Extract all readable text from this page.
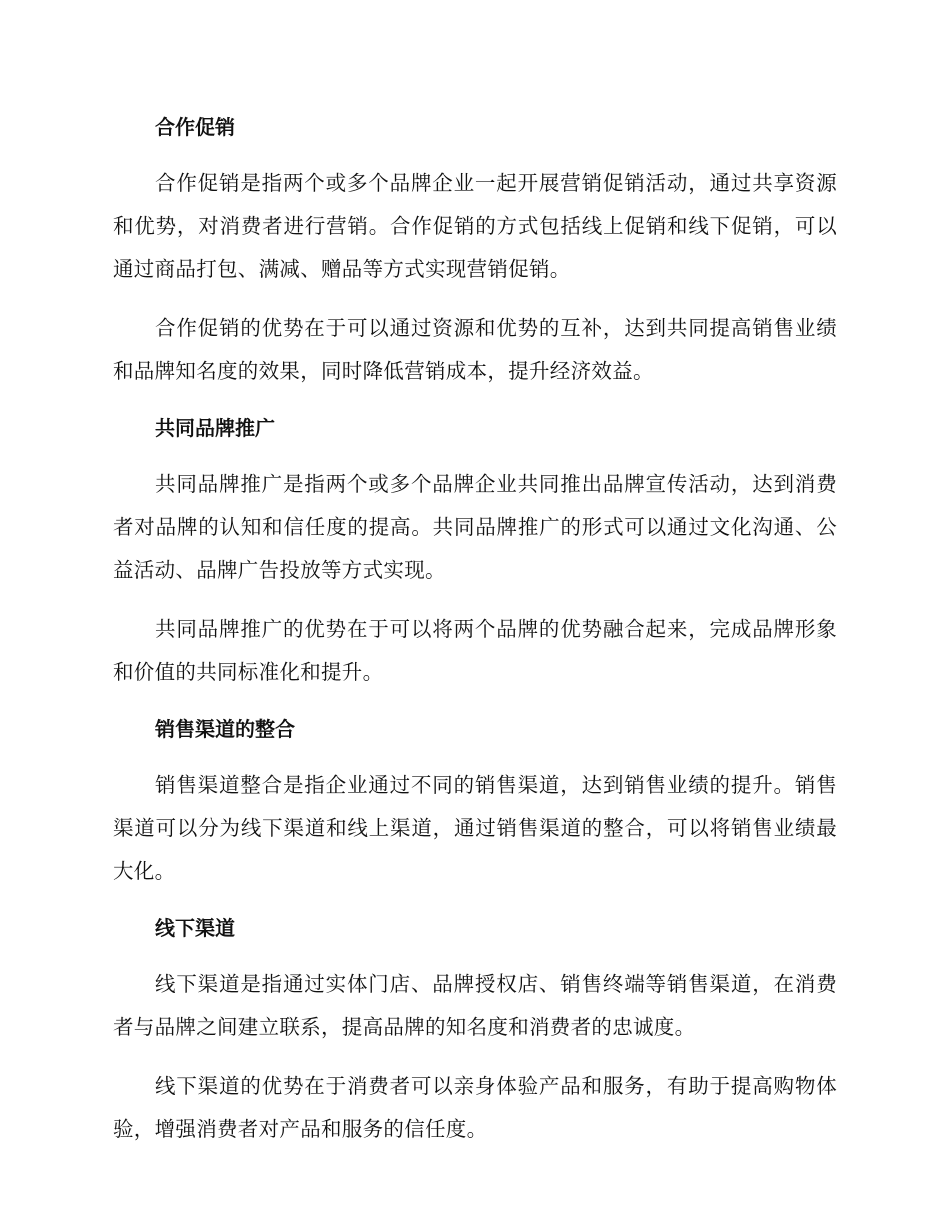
合作促销

合作促销是指两个或多个品牌企业一起开展营销促销活动，通过共享资源和优势，对消费者进行营销。合作促销的方式包括线上促销和线下促销，可以通过商品打包、满减、赠品等方式实现营销促销。

合作促销的优势在于可以通过资源和优势的互补，达到共同提高销售业绩和品牌知名度的效果，同时降低营销成本，提升经济效益。

共同品牌推广

共同品牌推广是指两个或多个品牌企业共同推出品牌宣传活动，达到消费者对品牌的认知和信任度的提高。共同品牌推广的形式可以通过文化沟通、公益活动、品牌广告投放等方式实现。

共同品牌推广的优势在于可以将两个品牌的优势融合起来，完成品牌形象和价值的共同标准化和提升。

销售渠道的整合

销售渠道整合是指企业通过不同的销售渠道，达到销售业绩的提升。销售渠道可以分为线下渠道和线上渠道，通过销售渠道的整合，可以将销售业绩最大化。

线下渠道

线下渠道是指通过实体门店、品牌授权店、销售终端等销售渠道，在消费者与品牌之间建立联系，提高品牌的知名度和消费者的忠诚度。

线下渠道的优势在于消费者可以亲身体验产品和服务，有助于提高购物体验，增强消费者对产品和服务的信任度。
